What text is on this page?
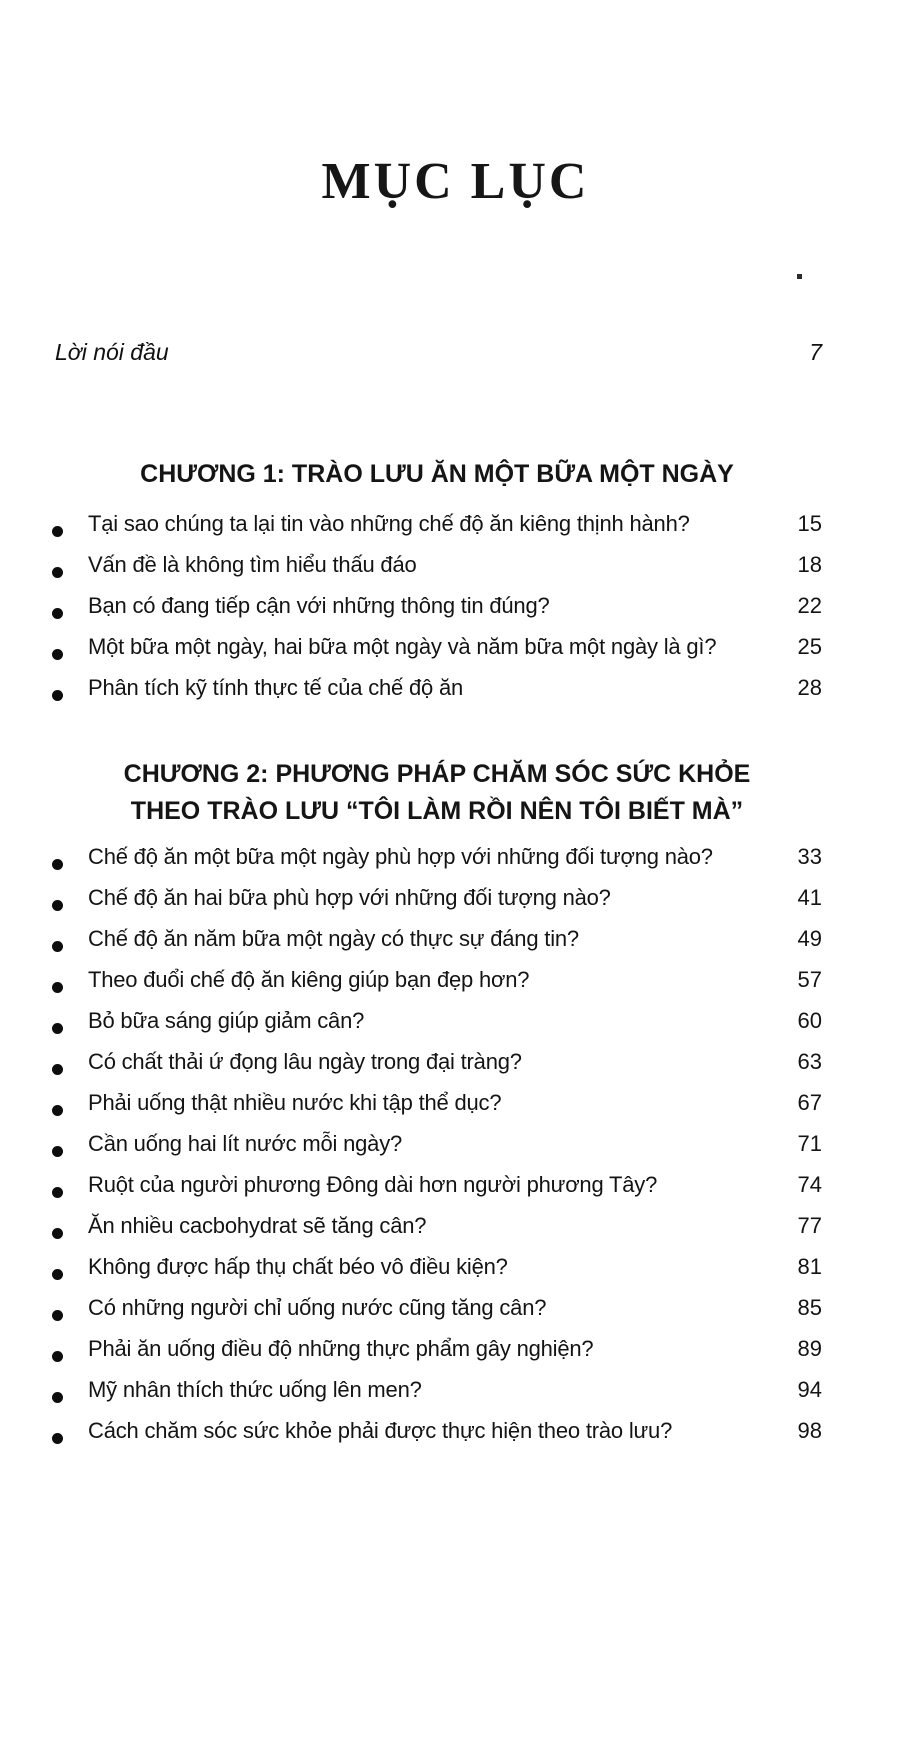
MỤC LỤC
Lời nói đầu	7
CHƯƠNG 1: TRÀO LƯU ĂN MỘT BỮA MỘT NGÀY
Tại sao chúng ta lại tin vào những chế độ ăn kiêng thịnh hành?	15
Vấn đề là không tìm hiểu thấu đáo	18
Bạn có đang tiếp cận với những thông tin đúng?	22
Một bữa một ngày, hai bữa một ngày và năm bữa một ngày là gì?	25
Phân tích kỹ tính thực tế của chế độ ăn	28
CHƯƠNG 2: PHƯƠNG PHÁP CHĂM SÓC SỨC KHỎE
THEO TRÀO LƯU “TÔI LÀM RỒI NÊN TÔI BIẾT MÀ”
Chế độ ăn một bữa một ngày phù hợp với những đối tượng nào?	33
Chế độ ăn hai bữa phù hợp với những đối tượng nào?	41
Chế độ ăn năm bữa một ngày có thực sự đáng tin?	49
Theo đuổi chế độ ăn kiêng giúp bạn đẹp hơn?	57
Bỏ bữa sáng giúp giảm cân?	60
Có chất thải ứ đọng lâu ngày trong đại tràng?	63
Phải uống thật nhiều nước khi tập thể dục?	67
Cần uống hai lít nước mỗi ngày?	71
Ruột của người phương Đông dài hơn người phương Tây?	74
Ăn nhiều cacbohydrat sẽ tăng cân?	77
Không được hấp thụ chất béo vô điều kiện?	81
Có những người chỉ uống nước cũng tăng cân?	85
Phải ăn uống điều độ những thực phẩm gây nghiện?	89
Mỹ nhân thích thức uống lên men?	94
Cách chăm sóc sức khỏe phải được thực hiện theo trào lưu?	98
